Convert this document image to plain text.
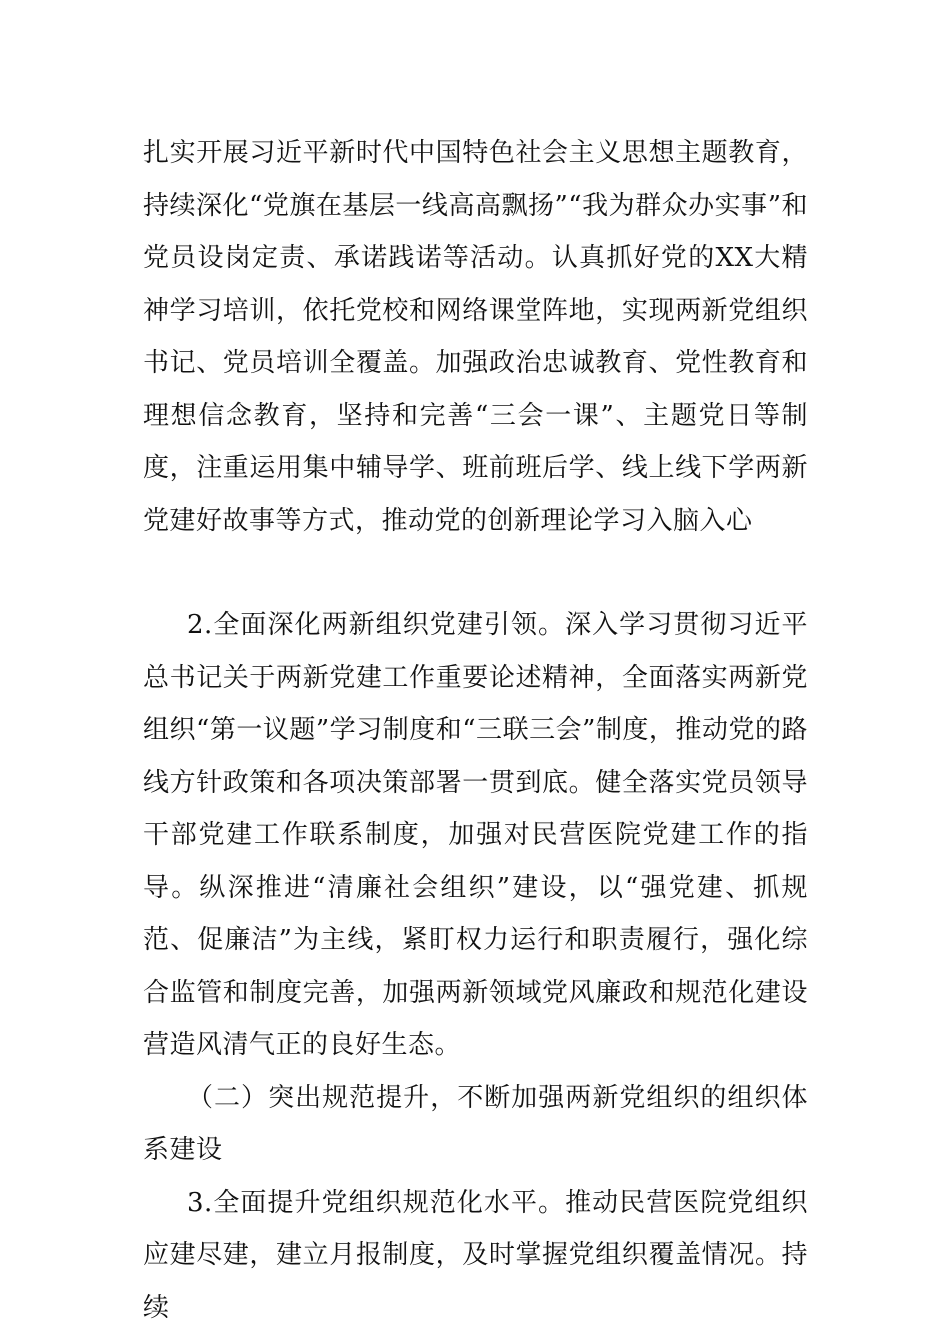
扎实开展习近平新时代中国特色社会主义思想主题教育，持续深化“党旗在基层一线高高飘扬”“我为群众办实事”和党员设岗定责、承诺践诺等活动。认真抓好党的XX大精神学习培训，依托党校和网络课堂阵地，实现两新党组织书记、党员培训全覆盖。加强政治忠诚教育、党性教育和理想信念教育，坚持和完善“三会一课”、主题党日等制度，注重运用集中辅导学、班前班后学、线上线下学两新党建好故事等方式，推动党的创新理论学习入脑入心

2.全面深化两新组织党建引领。深入学习贯彻习近平总书记关于两新党建工作重要论述精神，全面落实两新党组织“第一议题”学习制度和“三联三会”制度，推动党的路线方针政策和各项决策部署一贯到底。健全落实党员领导干部党建工作联系制度，加强对民营医院党建工作的指导。纵深推进“清廉社会组织”建设，以“强党建、抓规范、促廉洁”为主线，紧盯权力运行和职责履行，强化综合监管和制度完善，加强两新领域党风廉政和规范化建设营造风清气正的良好生态。

（二）突出规范提升，不断加强两新党组织的组织体系建设

3.全面提升党组织规范化水平。推动民营医院党组织应建尽建，建立月报制度，及时掌握党组织覆盖情况。持续
